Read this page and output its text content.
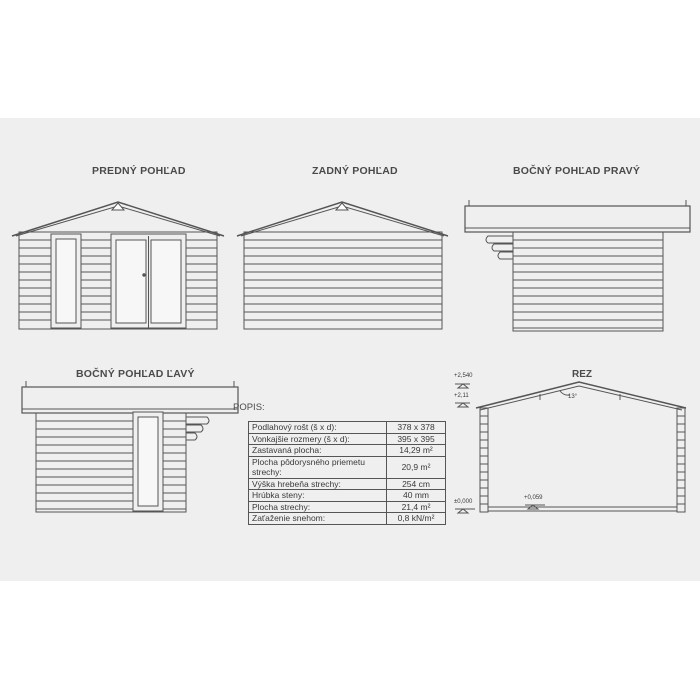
PREDNÝ POHĽAD	ZADNÝ POHĽAD	BOČNÝ POHĽAD PRAVÝ
BOČNÝ POHĽAD ĽAVÝ	REZ
+2,540
+2,11
±0,000
+0,059
13°
POPIS:
Podlahový rošt (š x d):	378 x 378
Vonkajšie rozmery (š x d):	395 x 395
Zastavaná plocha:	14,29 m²
Plocha pôdorysného priemetu strechy:	20,9 m²
Výška hrebeňa strechy:	254 cm
Hrúbka steny:	40 mm
Plocha strechy:	21,4 m²
Zaťaženie snehom:	0,8 kN/m²
